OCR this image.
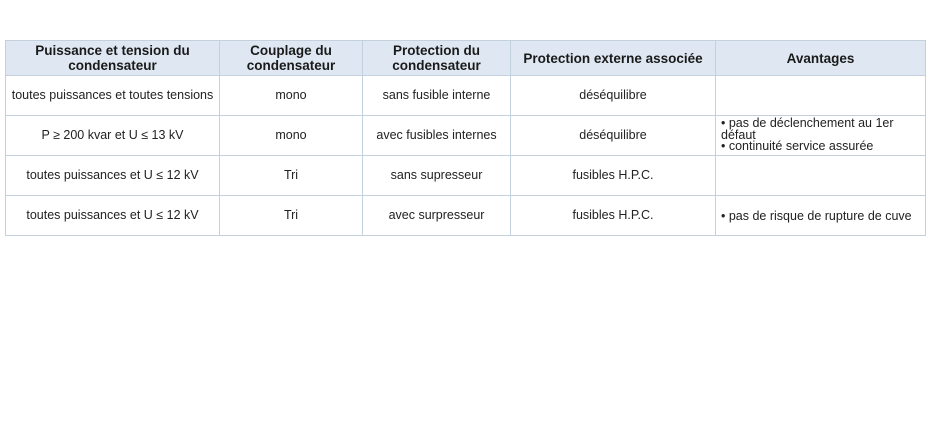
Puissance et tension du condensateur	Couplage du condensateur	Protection du condensateur	Protection externe associée	Avantages
toutes puissances et toutes tensions	mono	sans fusible interne	déséquilibre	
P ≥ 200 kvar et U ≤ 13 kV	mono	avec fusibles internes	déséquilibre	• pas de déclenchement au 1er défaut
• continuité service assurée

toutes puissances et U ≤ 12 kV	Tri	sans supresseur	fusibles H.P.C.	
toutes puissances et U ≤ 12 kV	Tri	avec surpresseur	fusibles H.P.C.	• pas de risque de rupture de cuve
